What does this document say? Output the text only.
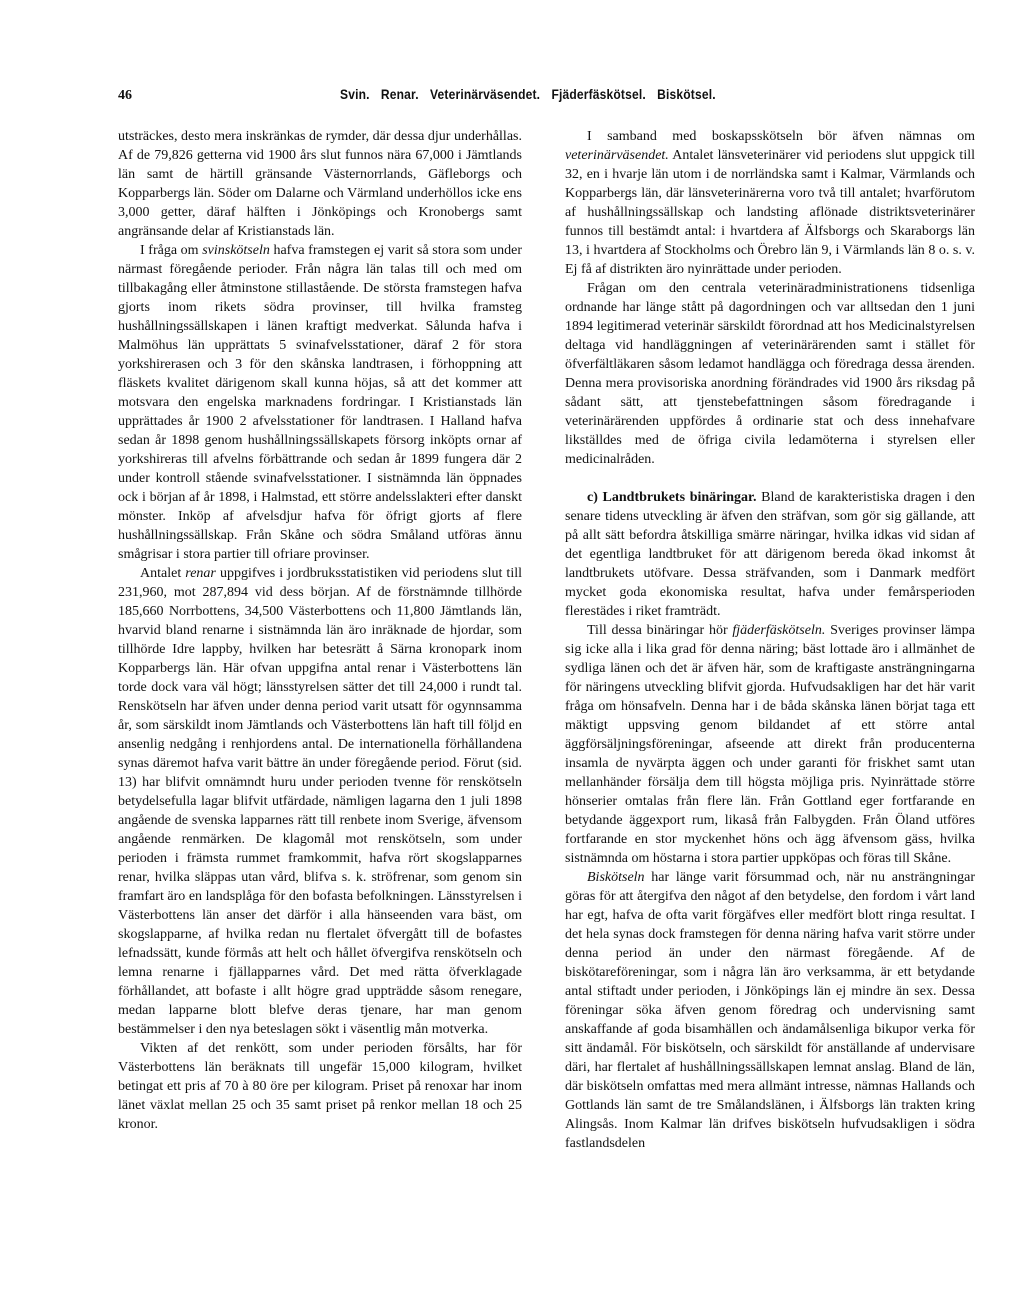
46	Svin. Renar. Veterinärväsendet. Fjäderfäskötsel. Biskötsel.

utsträckes, desto mera inskränkas de rymder, där dessa djur underhållas. Af de 79,826 getterna vid 1900 års slut funnos nära 67,000 i Jämtlands län samt de härtill gränsande Västernorrlands, Gäfleborgs och Kopparbergs län. Söder om Dalarne och Värmland underhöllos icke ens 3,000 getter, däraf hälften i Jönköpings och Kronobergs samt angränsande delar af Kristianstads län.

I fråga om svinskötseln hafva framstegen ej varit så stora som under närmast föregående perioder. Från några län talas till och med om tillbakagång eller åtminstone stillastående. De största framstegen hafva gjorts inom rikets södra provinser, till hvilka framsteg hushållningssällskapen i länen kraftigt medverkat. Sålunda hafva i Malmöhus län upprättats 5 svinafvelsstationer, däraf 2 för stora yorkshirerasen och 3 för den skånska landtrasen, i förhoppning att fläskets kvalitet därigenom skall kunna höjas, så att det kommer att motsvara den engelska marknadens fordringar. I Kristianstads län upprättades år 1900 2 afvelsstationer för landtrasen. I Halland hafva sedan år 1898 genom hushållningssällskapets försorg inköpts ornar af yorkshireras till afvelns förbättrande och sedan år 1899 fungera där 2 under kontroll stående svinafvelsstationer. I sistnämnda län öppnades ock i början af år 1898, i Halmstad, ett större andelsslakteri efter danskt mönster. Inköp af afvelsdjur hafva för öfrigt gjorts af flere hushållningssällskap. Från Skåne och södra Småland utföras ännu smågrisar i stora partier till ofriare provinser.

Antalet renar uppgifves i jordbruksstatistiken vid periodens slut till 231,960, mot 287,894 vid dess början. Af de förstnämnde tillhörde 185,660 Norrbottens, 34,500 Västerbottens och 11,800 Jämtlands län, hvarvid bland renarne i sistnämnda län äro inräknade de hjordar, som tillhörde Idre lappby, hvilken har betesrätt å Särna kronopark inom Kopparbergs län. Här ofvan uppgifna antal renar i Västerbottens län torde dock vara väl högt; länsstyrelsen sätter det till 24,000 i rundt tal. Renskötseln har äfven under denna period varit utsatt för ogynnsamma år, som särskildt inom Jämtlands och Västerbottens län haft till följd en ansenlig nedgång i renhjordens antal. De internationella förhållandena synas däremot hafva varit bättre än under föregående period. Förut (sid. 13) har blifvit omnämndt huru under perioden tvenne för renskötseln betydelsefulla lagar blifvit utfärdade, nämligen lagarna den 1 juli 1898 angående de svenska lapparnes rätt till renbete inom Sverige, äfvensom angående renmärken. De klagomål mot renskötseln, som under perioden i främsta rummet framkommit, hafva rört skogslapparnes renar, hvilka släppas utan vård, blifva s. k. ströfrenar, som genom sin framfart äro en landsplåga för den bofasta befolkningen. Länsstyrelsen i Västerbottens län anser det därför i alla hänseenden vara bäst, om skogslapparne, af hvilka redan nu flertalet öfvergått till de bofastes lefnadssätt, kunde förmås att helt och hållet öfvergifva renskötseln och lemna renarne i fjällapparnes vård. Det med rätta öfverklagade förhållandet, att bofaste i allt högre grad uppträdde såsom renegare, medan lapparne blott blefve deras tjenare, har man genom bestämmelser i den nya beteslagen sökt i väsentlig mån motverka.

Vikten af det renkött, som under perioden försålts, har för Västerbottens län beräknats till ungefär 15,000 kilogram, hvilket betingat ett pris af 70 à 80 öre per kilogram. Priset på renoxar har inom länet växlat mellan 25 och 35 samt priset på renkor mellan 18 och 25 kronor.

I samband med boskapsskötseln bör äfven nämnas om veterinärväsendet. Antalet länsveterinärer vid periodens slut uppgick till 32, en i hvarje län utom i de norrländska samt i Kalmar, Värmlands och Kopparbergs län, där länsveterinärerna voro två till antalet; hvarförutom af hushållningssällskap och landsting aflönade distriktsveterinärer funnos till bestämdt antal: i hvartdera af Älfsborgs och Skaraborgs län 13, i hvartdera af Stockholms och Örebro län 9, i Värmlands län 8 o. s. v. Ej få af distrikten äro nyinrättade under perioden.

Frågan om den centrala veterinäradministrationens tidsenliga ordnande har länge stått på dagordningen och var alltsedan den 1 juni 1894 legitimerad veterinär särskildt förordnad att hos Medicinalstyrelsen deltaga vid handläggningen af veterinärärenden samt i stället för öfverfältläkaren såsom ledamot handlägga och föredraga dessa ärenden. Denna mera provisoriska anordning förändrades vid 1900 års riksdag på sådant sätt, att tjenstebefattningen såsom föredragande i veterinärärenden uppfördes å ordinarie stat och dess innehafvare likställdes med de öfriga civila ledamöterna i styrelsen eller medicinalråden.

c) Landtbrukets binäringar. Bland de karakteristiska dragen i den senare tidens utveckling är äfven den sträfvan, som gör sig gällande, att på allt sätt befordra åtskilliga smärre näringar, hvilka idkas vid sidan af det egentliga landtbruket för att därigenom bereda ökad inkomst åt landtbrukets utöfvare. Dessa sträfvanden, som i Danmark medfört mycket goda ekonomiska resultat, hafva under femårsperioden flerestädes i riket framträdt.

Till dessa binäringar hör fjäderfäskötseln. Sveriges provinser lämpa sig icke alla i lika grad för denna näring; bäst lottade äro i allmänhet de sydliga länen och det är äfven här, som de kraftigaste ansträngningarna för näringens utveckling blifvit gjorda. Hufvudsakligen har det här varit fråga om hönsafveln. Denna har i de båda skånska länen börjat taga ett mäktigt uppsving genom bildandet af ett större antal äggförsäljningsföreningar, afseende att direkt från producenterna insamla de nyvärpta äggen och under garanti för friskhet samt utan mellanhänder försälja dem till högsta möjliga pris. Nyinrättade större hönserier omtalas från flere län. Från Gottland eger fortfarande en betydande äggexport rum, likaså från Falbygden. Från Öland utföres fortfarande en stor myckenhet höns och ägg äfvensom gäss, hvilka sistnämnda om höstarna i stora partier uppköpas och föras till Skåne.

Biskötseln har länge varit försummad och, när nu ansträngningar göras för att återgifva den något af den betydelse, den fordom i vårt land har egt, hafva de ofta varit förgäfves eller medfört blott ringa resultat. I det hela synas dock framstegen för denna näring hafva varit större under denna period än under den närmast föregående. Af de biskötareföreningar, som i några län äro verksamma, är ett betydande antal stiftadt under perioden, i Jönköpings län ej mindre än sex. Dessa föreningar söka äfven genom föredrag och undervisning samt anskaffande af goda bisamhällen och ändamålsenliga bikupor verka för sitt ändamål. För biskötseln, och särskildt för anställande af undervisare däri, har flertalet af hushållningssällskapen lemnat anslag. Bland de län, där biskötseln omfattas med mera allmänt intresse, nämnas Hallands och Gottlands län samt de tre Smålandslänen, i Älfsborgs län trakten kring Alingsås. Inom Kalmar län drifves biskötseln hufvudsakligen i södra fastlandsdelen
